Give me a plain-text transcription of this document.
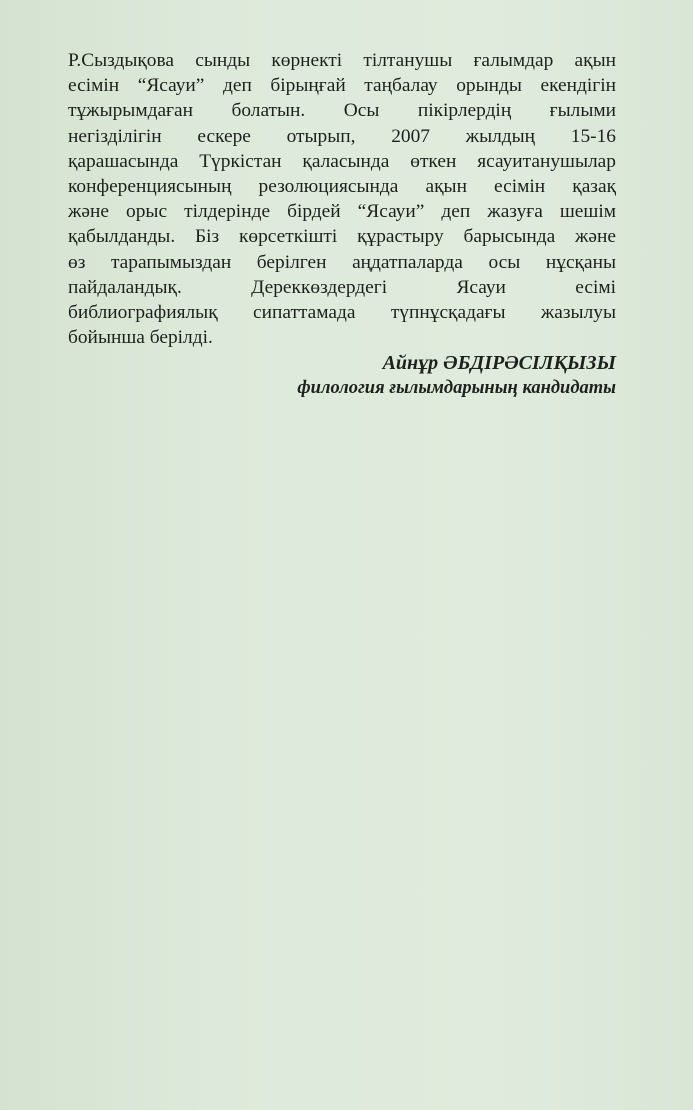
Р.Сыздықова сынды көрнекті тілтанушы ғалымдар ақын
есімін “Ясауи” деп бірыңғай таңбалау орынды екендігін
тұжырымдаған болатын. Осы пікірлердің ғылыми
негізділігін ескере отырып, 2007 жылдың 15-16
қарашасында Түркістан қаласында өткен ясауитанушылар
конференциясының резолюциясында ақын есімін қазақ
және орыс тілдерінде бірдей “Ясауи” деп жазуға шешім
қабылданды. Біз көрсеткішті құрастыру барысында және
өз тарапымыздан берілген аңдатпаларда осы нұсқаны
пайдаландық. Дереккөздердегі Ясауи есімі
библиографиялық сипаттамада түпнұсқадағы жазылуы
бойынша берілді.
Айнұр ӘБДІРӘСІЛҚЫЗЫ
филология ғылымдарының кандидаты
